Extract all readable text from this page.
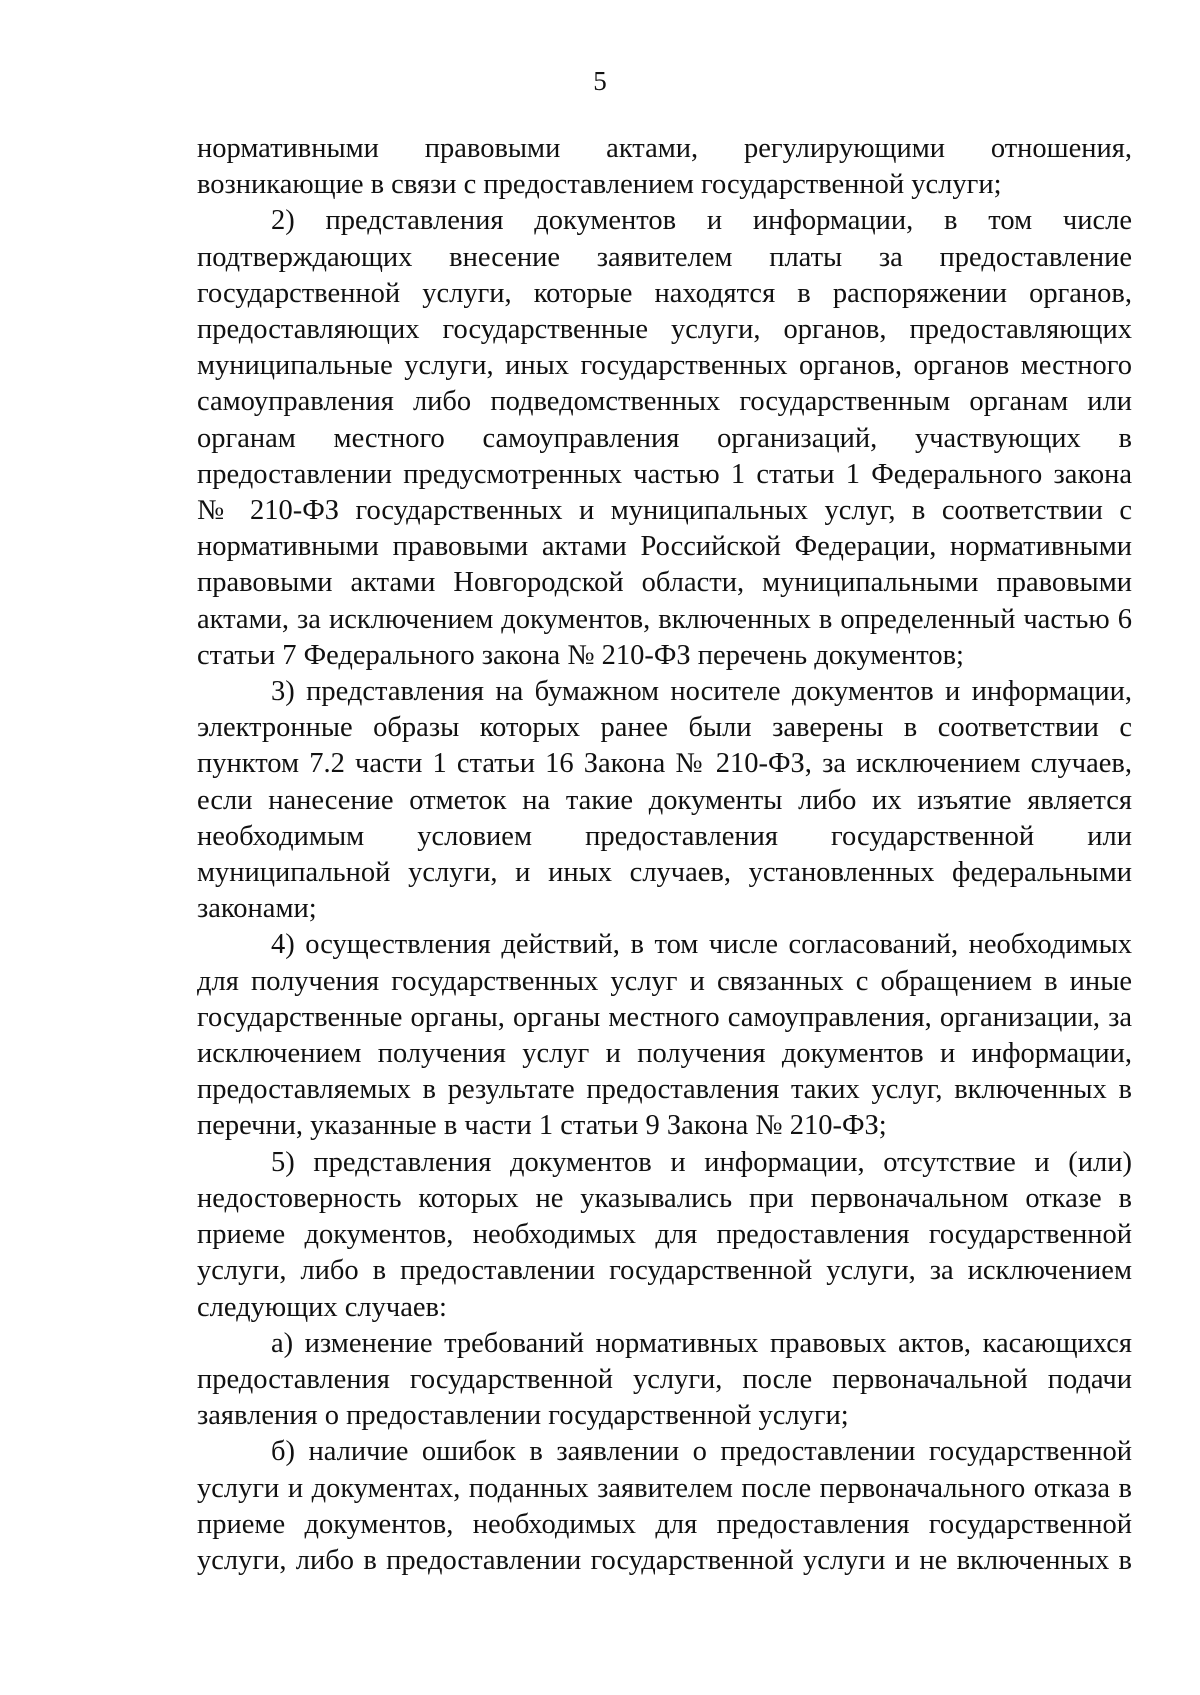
5

нормативными правовыми актами, регулирующими отношения, возникающие в связи с предоставлением государственной услуги;

2) представления документов и информации, в том числе подтверждающих внесение заявителем платы за предоставление государственной услуги, которые находятся в распоряжении органов, предоставляющих государственные услуги, органов, предоставляющих муниципальные услуги, иных государственных органов, органов местного самоуправления либо подведомственных государственным органам или органам местного самоуправления организаций, участвующих в предоставлении предусмотренных частью 1 статьи 1 Федерального закона № 210-ФЗ государственных и муниципальных услуг, в соответствии с нормативными правовыми актами Российской Федерации, нормативными правовыми актами Новгородской области, муниципальными правовыми актами, за исключением документов, включенных в определенный частью 6 статьи 7 Федерального закона № 210-ФЗ перечень документов;

3) представления на бумажном носителе документов и информации, электронные образы которых ранее были заверены в соответствии с пунктом 7.2 части 1 статьи 16 Закона № 210-ФЗ, за исключением случаев, если нанесение отметок на такие документы либо их изъятие является необходимым условием предоставления государственной или муниципальной услуги, и иных случаев, установленных федеральными законами;

4) осуществления действий, в том числе согласований, необходимых для получения государственных услуг и связанных с обращением в иные государственные органы, органы местного самоуправления, организации, за исключением получения услуг и получения документов и информации, предоставляемых в результате предоставления таких услуг, включенных в перечни, указанные в части 1 статьи 9 Закона № 210-ФЗ;

5) представления документов и информации, отсутствие и (или) недостоверность которых не указывались при первоначальном отказе в приеме документов, необходимых для предоставления государственной услуги, либо в предоставлении государственной услуги, за исключением следующих случаев:

а) изменение требований нормативных правовых актов, касающихся предоставления государственной услуги, после первоначальной подачи заявления о предоставлении государственной услуги;

б) наличие ошибок в заявлении о предоставлении государственной услуги и документах, поданных заявителем после первоначального отказа в приеме документов, необходимых для предоставления государственной услуги, либо в предоставлении государственной услуги и не включенных в
